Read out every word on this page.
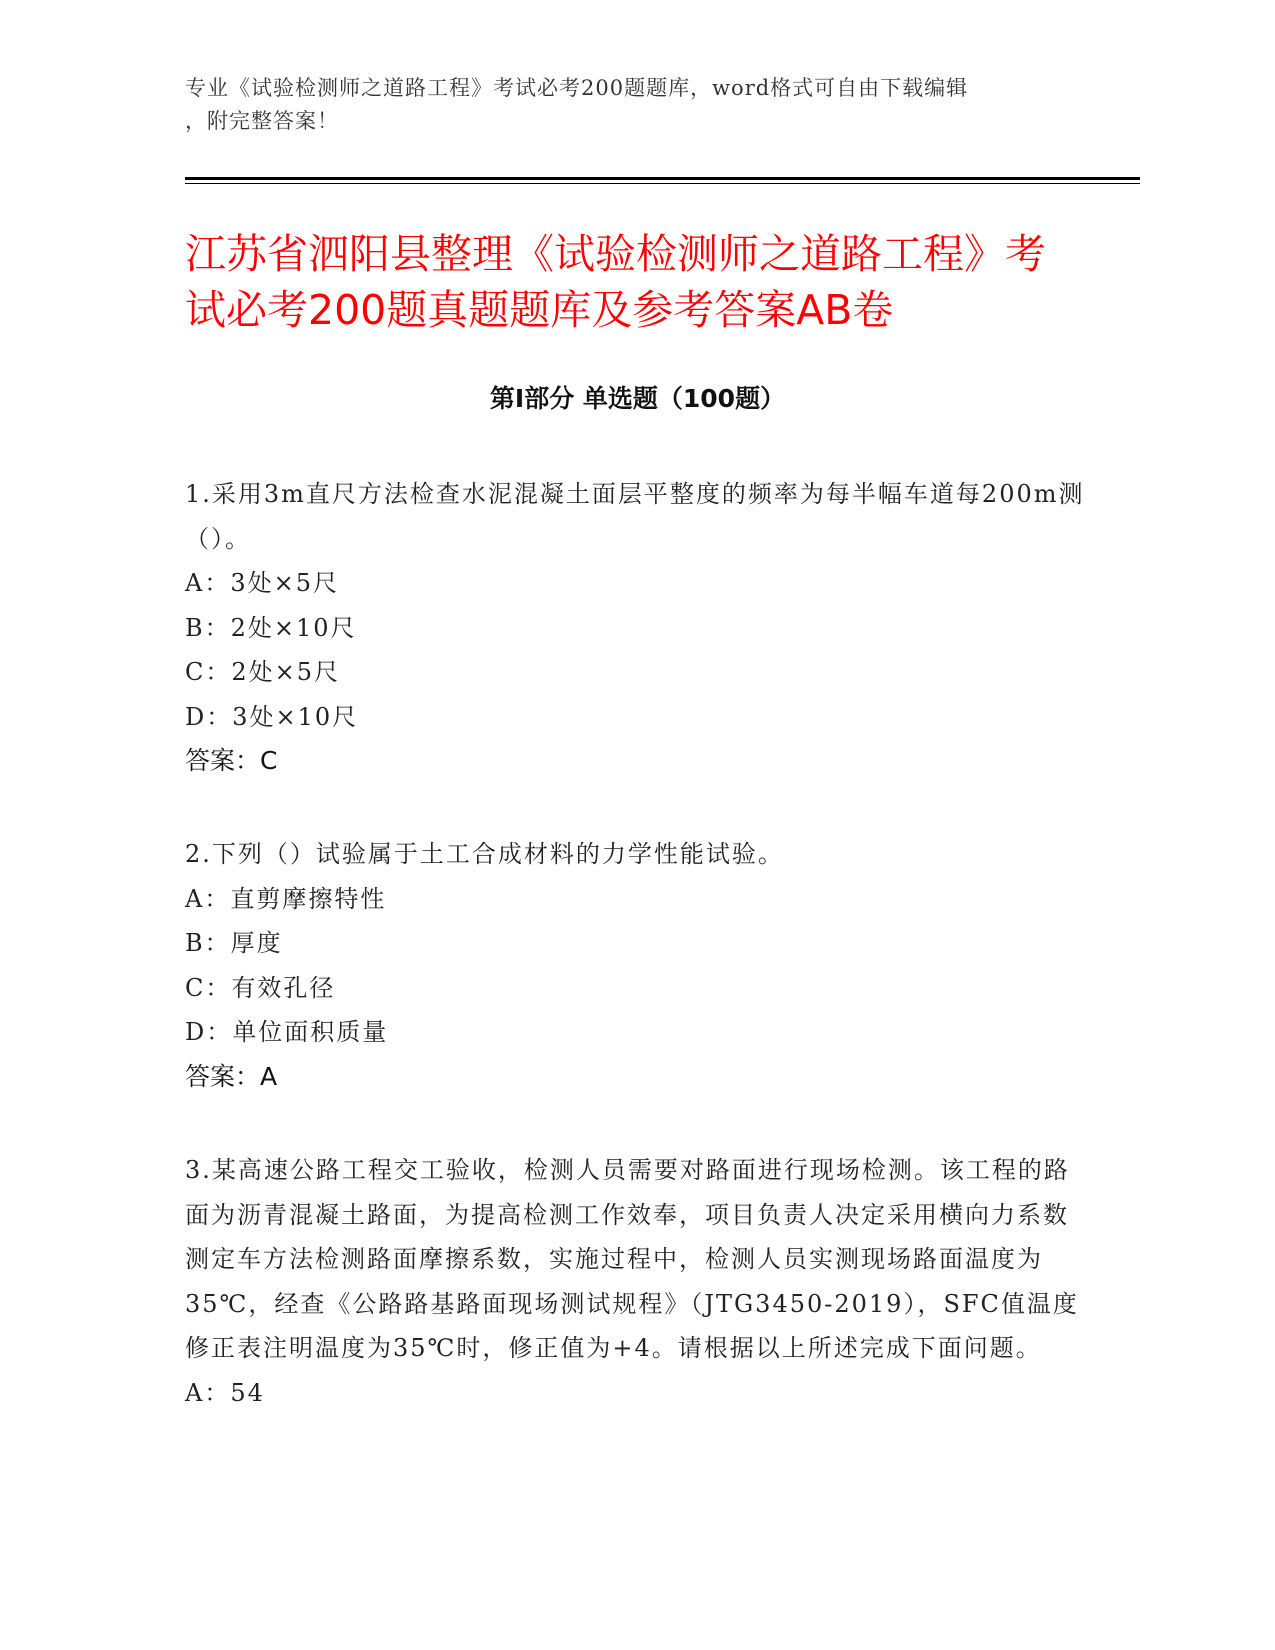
专业《试验检测师之道路工程》考试必考200题题库，word格式可自由下载编辑
，附完整答案！
江苏省泗阳县整理《试验检测师之道路工程》考试必考200题真题题库及参考答案AB卷
第Ⅰ部分 单选题（100题）
1.采用3m直尺方法检查水泥混凝土面层平整度的频率为每半幅车道每200m测（）。
A：3处×5尺
B：2处×10尺
C：2处×5尺
D：3处×10尺
答案：C
2.下列（）试验属于土工合成材料的力学性能试验。
A：直剪摩擦特性
B：厚度
C：有效孔径
D：单位面积质量
答案：A
3.某高速公路工程交工验收，检测人员需要对路面进行现场检测。该工程的路面为沥青混凝土路面，为提高检测工作效奉，项目负责人决定采用横向力系数测定车方法检测路面摩擦系数，实施过程中，检测人员实测现场路面温度为35℃，经查《公路路基路面现场测试规程》（JTG3450-2019），SFC值温度修正表注明温度为35℃时，修正值为+4。请根据以上所述完成下面问题。
A：54
